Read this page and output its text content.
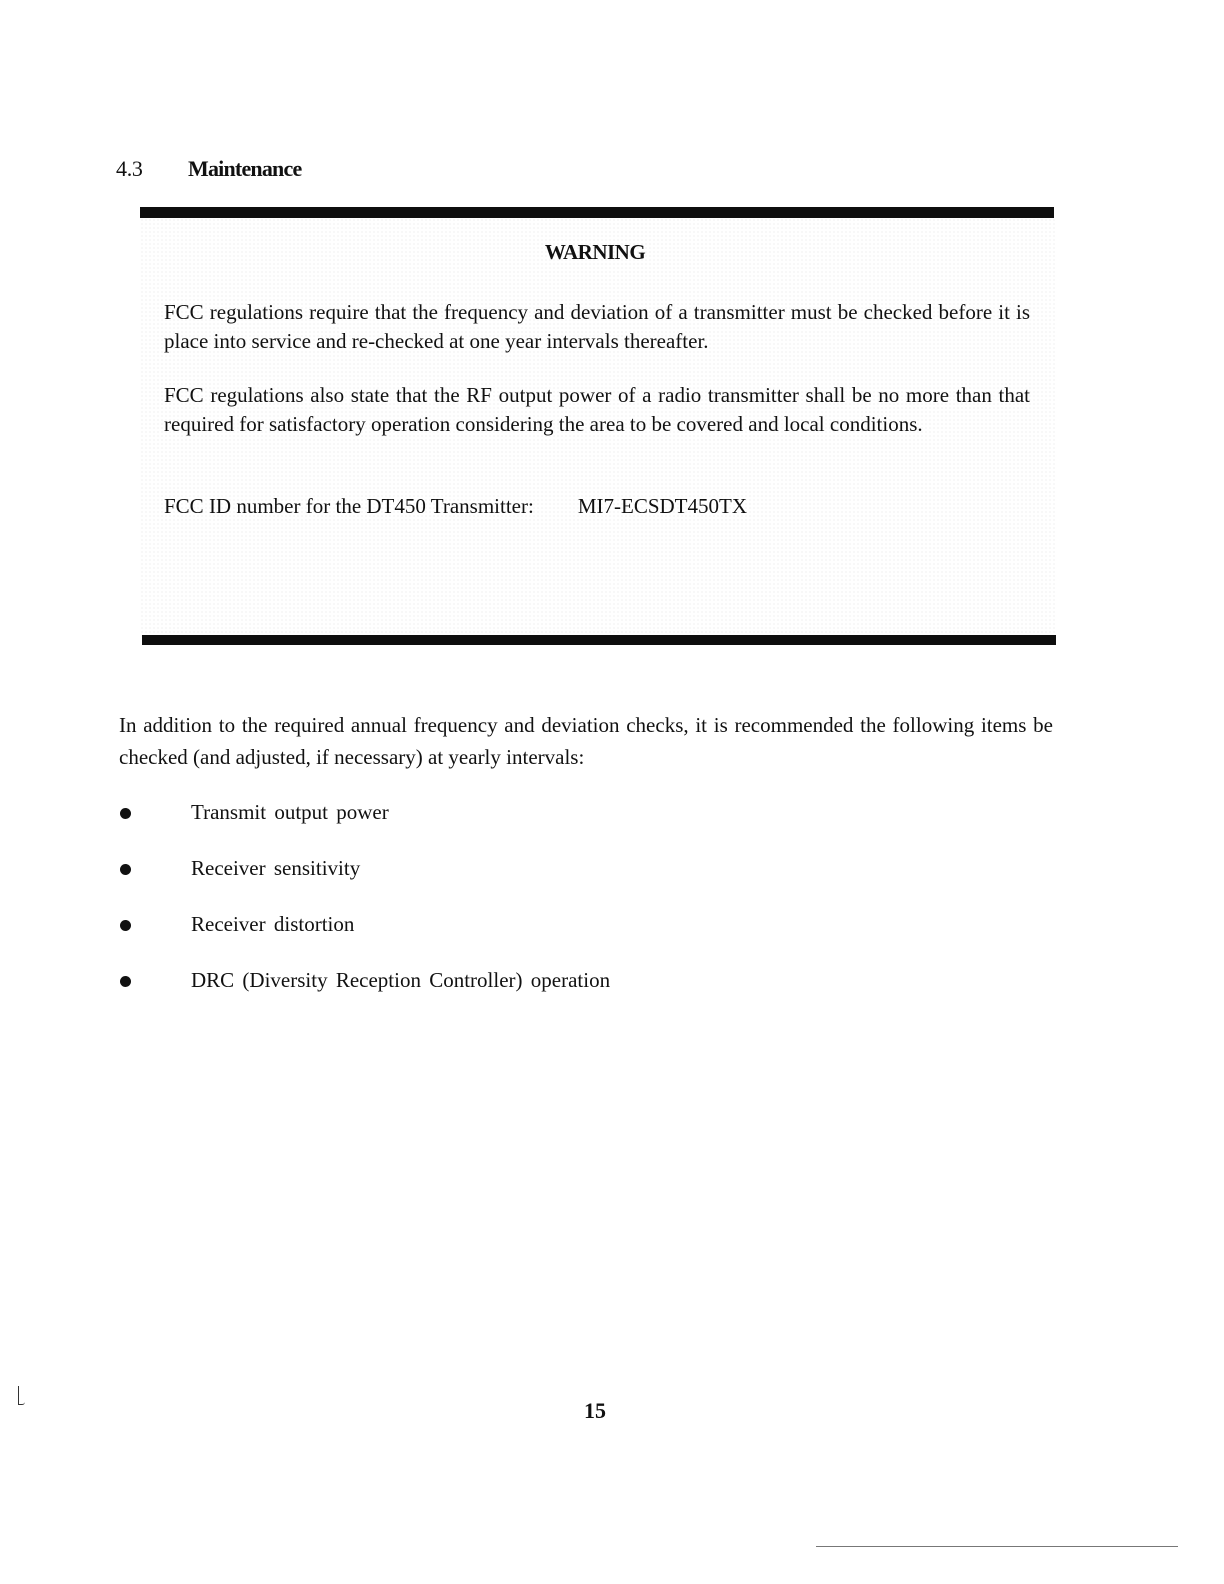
4.3 Maintenance
WARNING
FCC regulations require that the frequency and deviation of a transmitter must be checked before it is place into service and re-checked at one year intervals thereafter.
FCC regulations also state that the RF output power of a radio transmitter shall be no more than that required for satisfactory operation considering the area to be covered and local conditions.
FCC ID number for the DT450 Transmitter: MI7-ECSDT450TX
In addition to the required annual frequency and deviation checks, it is recommended the following items be checked (and adjusted, if necessary) at yearly intervals:
Transmit output power
Receiver sensitivity
Receiver distortion
DRC (Diversity Reception Controller) operation
15
